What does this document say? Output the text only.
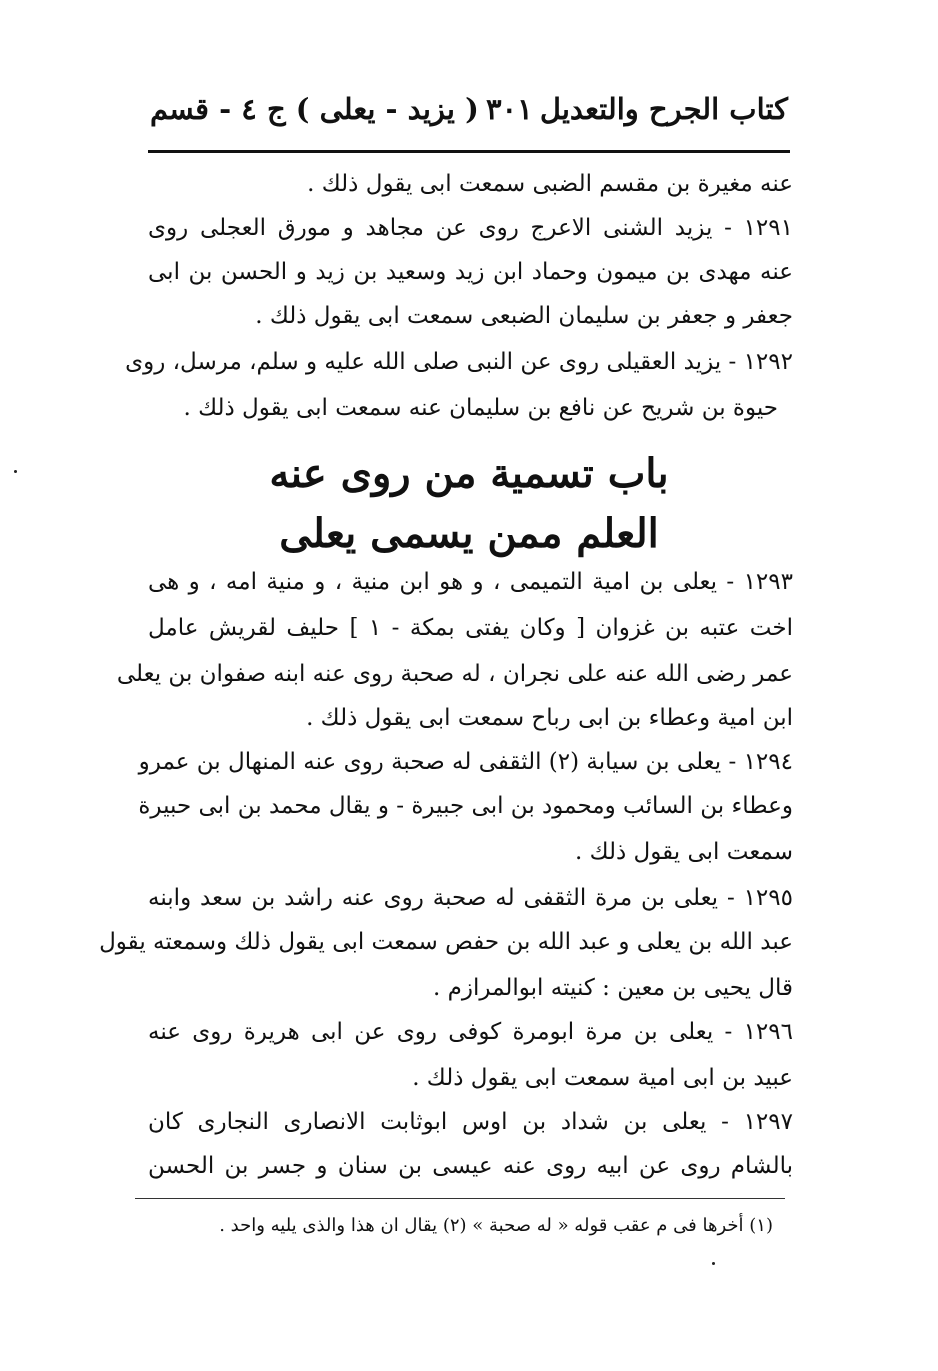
كتاب الجرح والتعديل
٣٠١
( يزيد - يعلى ) ج ٤ - قسم
عنه مغيرة بن مقسم الضبى سمعت ابى يقول ذلك .
١٢٩١ - يزيد الشنى الاعرج روى عن مجاهد و مورق العجلى روى
عنه مهدى بن ميمون وحماد ابن زيد وسعيد بن زيد و الحسن بن ابى
جعفر و جعفر بن سليمان الضبعى سمعت ابى يقول ذلك .
١٢٩٢ - يزيد العقيلى روى عن النبى صلى الله عليه و سلم، مرسل، روى
حيوة بن شريح عن نافع بن سليمان عنه سمعت ابى يقول ذلك .
باب تسمية من روى عنه
العلم ممن يسمى يعلى
١٢٩٣ - يعلى بن امية التميمى ، و هو ابن منية ، و منية امه ، و هى
اخت عتبه بن غزوان [ وكان يفتى بمكة - ١ ] حليف لقريش عامل
عمر رضى الله عنه على نجران ، له صحبة روى عنه ابنه صفوان بن يعلى
ابن امية وعطاء بن ابى رباح سمعت ابى يقول ذلك .
١٢٩٤ - يعلى بن سيابة (٢) الثقفى له صحبة روى عنه المنهال بن عمرو
وعطاء بن السائب ومحمود بن ابى جبيرة - و يقال محمد بن ابى حبيرة
سمعت ابى يقول ذلك .
١٢٩٥ - يعلى بن مرة الثقفى له صحبة روى عنه راشد بن سعد وابنه
عبد الله بن يعلى و عبد الله بن حفص سمعت ابى يقول ذلك وسمعته يقول
قال يحيى بن معين : كنيته ابوالمرازم .
١٢٩٦ - يعلى بن مرة ابومرة كوفى روى عن ابى هريرة روى عنه
عبيد بن ابى امية سمعت ابى يقول ذلك .
١٢٩٧ - يعلى بن شداد بن اوس ابوثابت الانصارى النجارى كان
بالشام روى عن ابيه روى عنه عيسى بن سنان و جسر بن الحسن
(١) أخرها فى م عقب قوله « له صحبة » (٢) يقال ان هذا والذى يليه واحد .
